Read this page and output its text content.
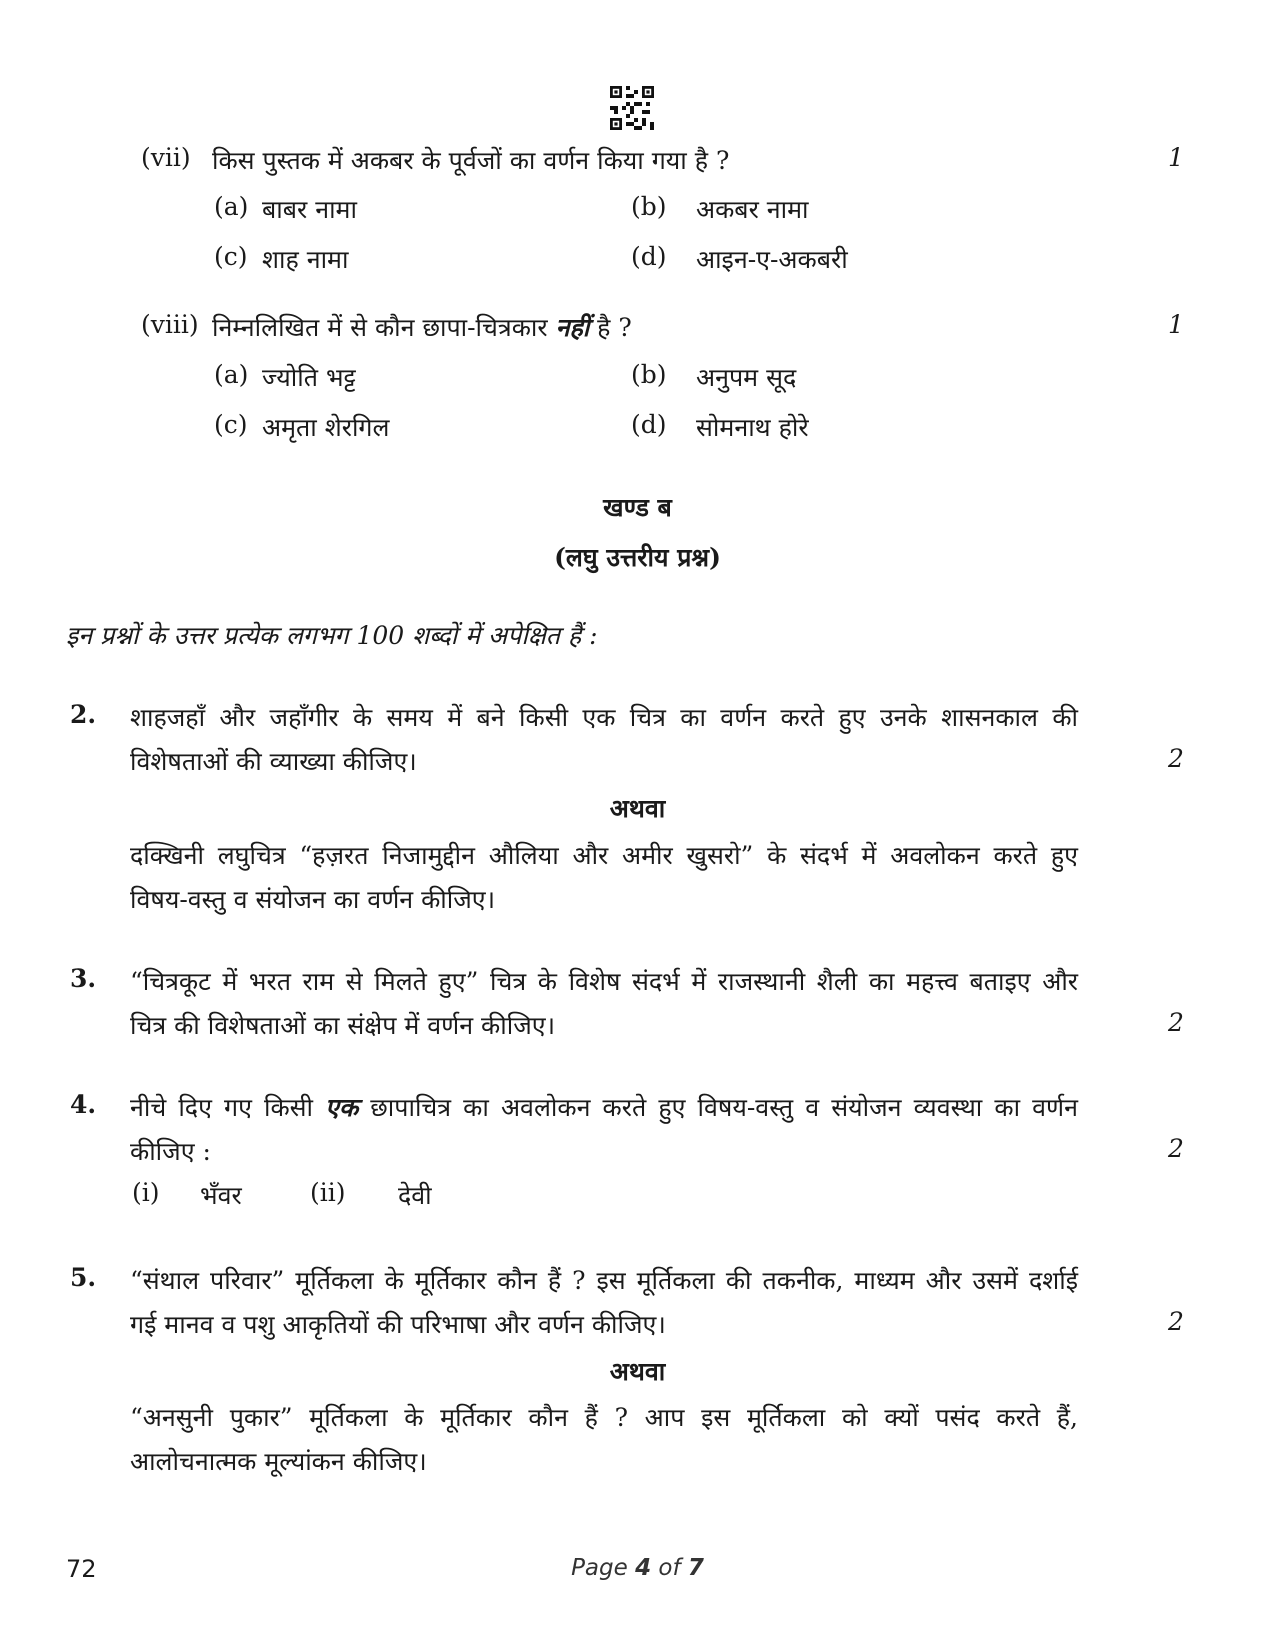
(vii) किस पुस्तक में अकबर के पूर्वजों का वर्णन किया गया है ?	1
(a) बाबर नामा	(b) अकबर नामा
(c) शाह नामा	(d) आइन-ए-अकबरी
(viii) निम्नलिखित में से कौन छापा-चित्रकार नहीं है ?	1
(a) ज्योति भट्ट	(b) अनुपम सूद
(c) अमृता शेरगिल	(d) सोमनाथ होरे
खण्ड ब
(लघु उत्तरीय प्रश्न)
इन प्रश्नों के उत्तर प्रत्येक लगभग 100 शब्दों में अपेक्षित हैं :
2. शाहजहाँ और जहाँगीर के समय में बने किसी एक चित्र का वर्णन करते हुए उनके शासनकाल की
विशेषताओं की व्याख्या कीजिए।	2
अथवा
दक्खिनी लघुचित्र “हज़रत निजामुद्दीन औलिया और अमीर खुसरो” के संदर्भ में अवलोकन करते हुए
विषय-वस्तु व संयोजन का वर्णन कीजिए।
3. “चित्रकूट में भरत राम से मिलते हुए” चित्र के विशेष संदर्भ में राजस्थानी शैली का महत्त्व बताइए और
चित्र की विशेषताओं का संक्षेप में वर्णन कीजिए।	2
4. नीचे दिए गए किसी एक छापाचित्र का अवलोकन करते हुए विषय-वस्तु व संयोजन व्यवस्था का वर्णन
कीजिए :	2
(i) भँवर	(ii) देवी
5. “संथाल परिवार” मूर्तिकला के मूर्तिकार कौन हैं ? इस मूर्तिकला की तकनीक, माध्यम और उसमें दर्शाई
गई मानव व पशु आकृतियों की परिभाषा और वर्णन कीजिए।	2
अथवा
“अनसुनी पुकार” मूर्तिकला के मूर्तिकार कौन हैं ? आप इस मूर्तिकला को क्यों पसंद करते हैं,
आलोचनात्मक मूल्यांकन कीजिए।
72	Page 4 of 7
